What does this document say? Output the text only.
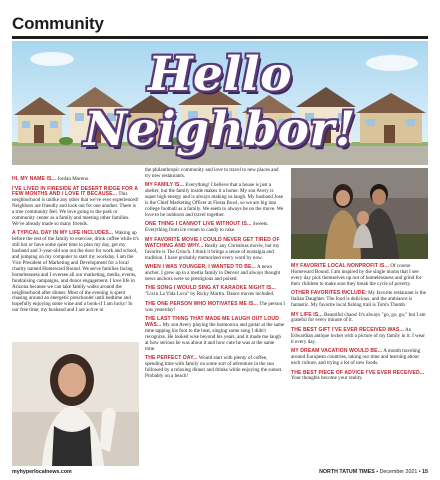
Community
Hello Neighbor!

HI, MY NAME IS... Jordan Moreno.

I'VE LIVED IN FIRESIDE AT DESERT RIDGE FOR A FEW MONTHS AND I LOVE IT BECAUSE... This neighborhood is unlike any other that we've ever experienced! Neighbors are friendly and look out for one another. There is a true community feel. We love going to the park or community center as a family and meeting other families. We've already made so many friends.

A TYPICAL DAY IN MY LIFE INCLUDES... Waking up before the rest of the family to exercise, drink coffee while it's still hot or have some quiet time to plan my day, get my husband and 3-year-old son out the door for work and school, and jumping on my computer to start my workday. I am the Vice President of Marketing and Development for a local charity named Homeward Bound. We serve families facing homelessness and I oversee all our marketing, media, events, fundraising campaigns, and donor engagement. I love life in Arizona because we can take family walks around the neighborhood after dinner. Most of the evening is spent chasing around an energetic preschooler until bedtime and hopefully enjoying some wine and a book-if I am lucky! In our free time, my husband and I are active in

the philanthropic community and love to travel to new places and try new restaurants.

MY FAMILY IS... Everything! I believe that a house is just a shelter, but the family inside makes it a home. My son Avery is super high energy and is always making us laugh. My husband Jose is the Chief Marketing Officer at Fiesta Bowl, so we are big into college football as a family. We seem to always be on the move. We love to be outdoors and travel together.

ONE THING I CANNOT LIVE WITHOUT IS... Sweets. Everything from ice cream to candy to cake.

MY FAVORITE MOVIE I COULD NEVER GET TIRED OF WATCHING AND WHY... Really any Christmas movie, but my favorite is The Grinch. I think it brings a sense of nostalgia and tradition. I have probably memorized every word by now.

WHEN I WAS YOUNGER, I WANTED TO BE... A news anchor. I grew up in a media family in Denver and always thought news anchors were so prestigious and poised.

THE SONG I WOULD SING AT KARAOKE NIGHT IS... "Livin La Vida Loca" by Ricky Martin. Dance moves included.

THE ONE PERSON WHO MOTIVATES ME IS... The person I was yesterday!

THE LAST THING THAT MADE ME LAUGH OUT LOUD WAS... My son Avery playing the harmonica and guitar at the same time tapping his foot to the beat, singing some song I didn't recognize. He looked wise beyond his years, and it made me laugh at how serious he was about it and how cute he was at the same time.

THE PERFECT DAY... Would start with plenty of coffee, spending time with family on some sort of adventure in the sun followed by a relaxing dinner and drinks while enjoying the sunset. Probably on a beach!

MY FAVORITE LOCAL NONPROFIT IS... Of course Homeward Bound. I am inspired by the single moms that I see every day pick themselves up out of homelessness and grind for their children to make sure they break the cycle of poverty.

OTHER FAVORITES INCLUDE: My favorite restaurant is the Italian Daughter. The food is delicious, and the ambiance is fantastic. My favorite local fishing trail is Tom's Thumb.

MY LIFE IS... Beautiful chaos! It's always "go, go, go," but I am grateful for every minute of it.

THE BEST GIFT I'VE EVER RECEIVED WAS... An Edwardian antique locket with a picture of my family in it. I wear it every day.

MY DREAM VACATION WOULD BE... A month traveling around European countries, taking our time and learning about each culture, and trying a lot of new foods.

THE BEST PIECE OF ADVICE I'VE EVER RECEIVED... Your thoughts become your reality.

myhyperlocalnews.com	NORTH TATUM TIMES • December 2021 • 15
